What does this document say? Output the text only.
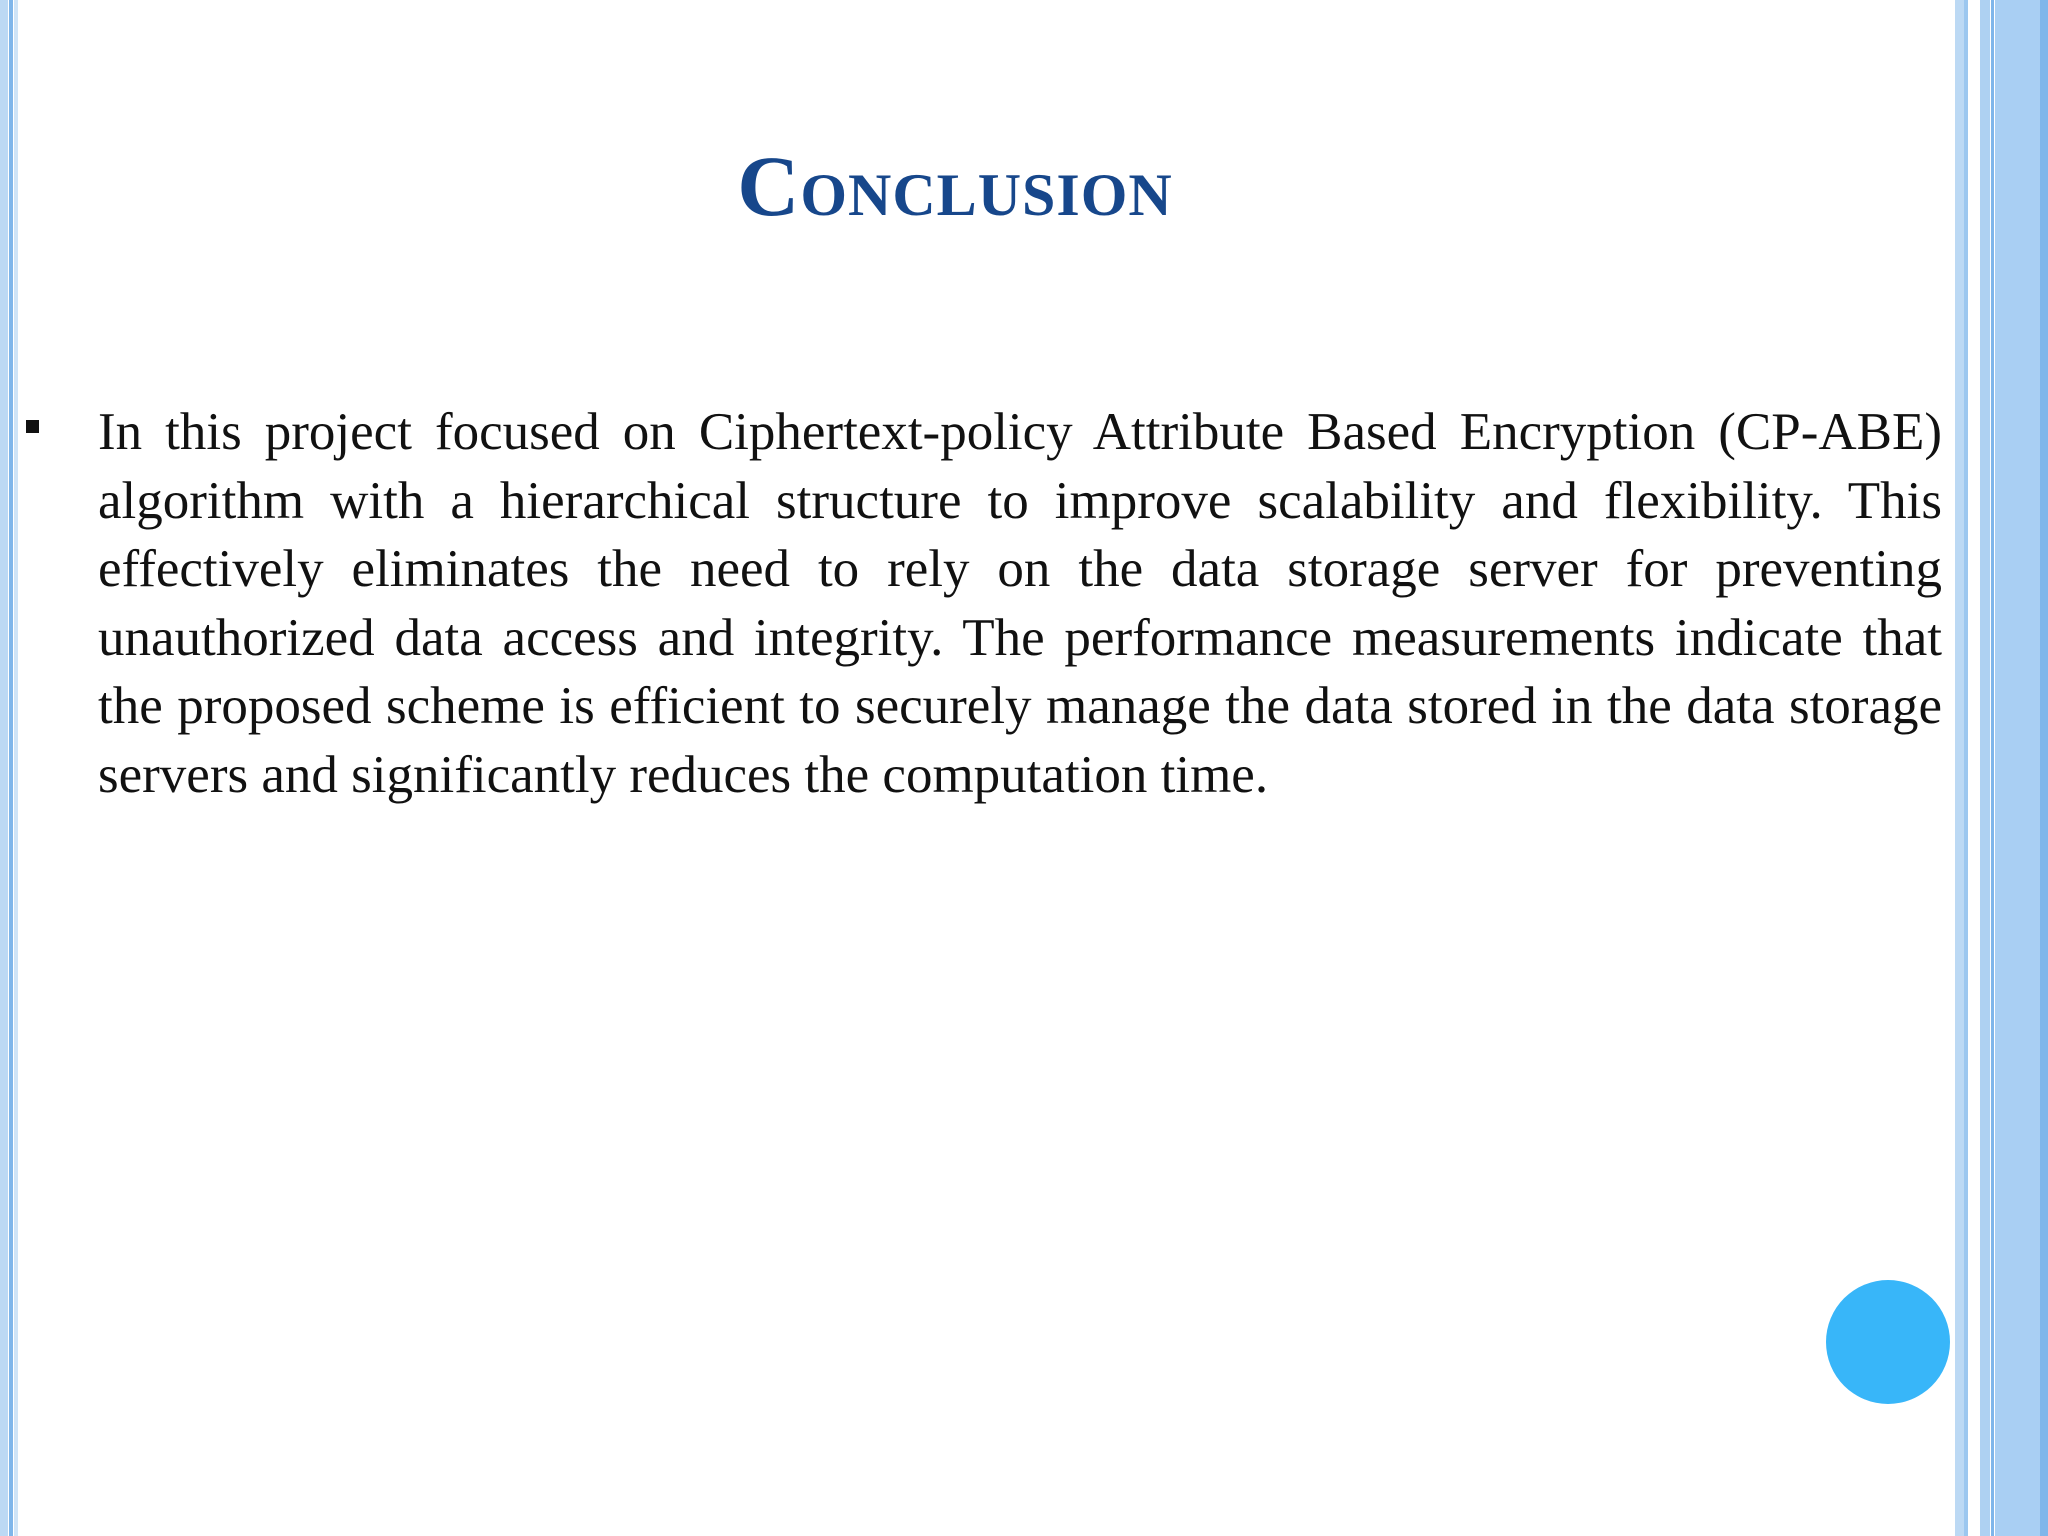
Conclusion
In this project focused on Ciphertext-policy Attribute Based Encryption (CP-ABE) algorithm with a hierarchical structure to improve scalability and flexibility. This effectively eliminates the need to rely on the data storage server for preventing unauthorized data access and integrity. The performance measurements indicate that the proposed scheme is efficient to securely manage the data stored in the data storage servers and significantly reduces the computation time.
